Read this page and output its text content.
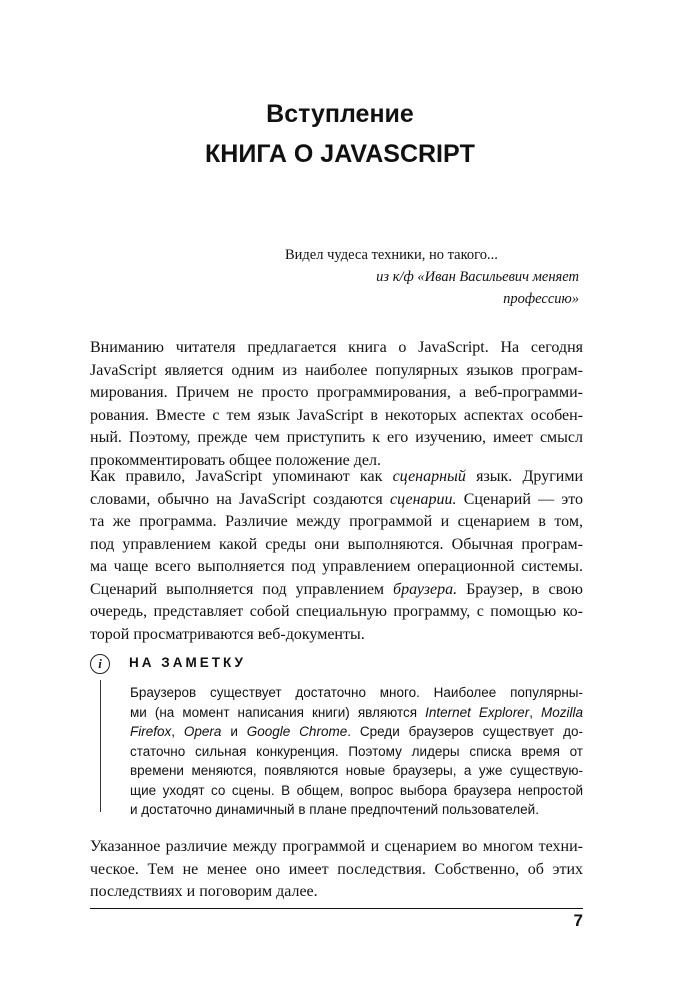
Вступление
КНИГА О JAVASCRIPT
Видел чудеса техники, но такого...
из к/ф «Иван Васильевич меняет
профессию»
Вниманию читателя предлагается книга о JavaScript. На сегодня
JavaScript является одним из наиболее популярных языков програм-
мирования. Причем не просто программирования, а веб-программи-
рования. Вместе с тем язык JavaScript в некоторых аспектах особен-
ный. Поэтому, прежде чем приступить к его изучению, имеет смысл
прокомментировать общее положение дел.
Как правило, JavaScript упоминают как сценарный язык. Другими
словами, обычно на JavaScript создаются сценарии. Сценарий — это
та же программа. Различие между программой и сценарием в том,
под управлением какой среды они выполняются. Обычная програм-
ма чаще всего выполняется под управлением операционной системы.
Сценарий выполняется под управлением браузера. Браузер, в свою
очередь, представляет собой специальную программу, с помощью ко-
торой просматриваются веб-документы.
i	НА ЗАМЕТКУ
Браузеров существует достаточно много. Наиболее популярны-
ми (на момент написания книги) являются Internet Explorer, Mozilla
Firefox, Opera и Google Chrome. Среди браузеров существует до-
статочно сильная конкуренция. Поэтому лидеры списка время от
времени меняются, появляются новые браузеры, а уже существую-
щие уходят со сцены. В общем, вопрос выбора браузера непростой
и достаточно динамичный в плане предпочтений пользователей.
Указанное различие между программой и сценарием во многом техни-
ческое. Тем не менее оно имеет последствия. Собственно, об этих
последствиях и поговорим далее.
7
